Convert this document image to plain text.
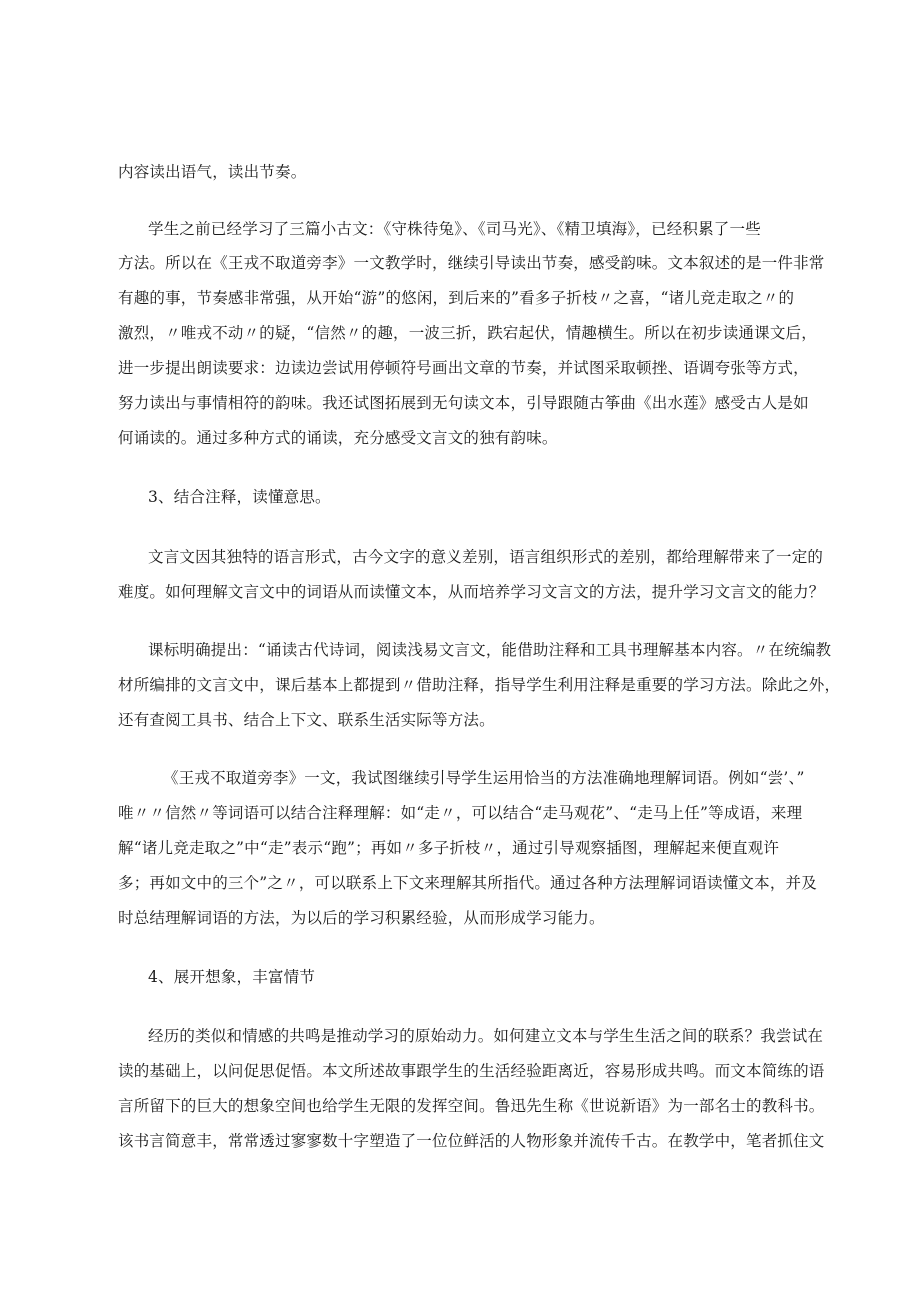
内容读出语气，读出节奏。
学生之前已经学习了三篇小古文：《守株待兔》、《司马光》、《精卫填海》，已经积累了一些
方法。所以在《王戎不取道旁李》一文教学时，继续引导读出节奏，感受韵味。文本叙述的是一件非常
有趣的事，节奏感非常强，从开始“游”的悠闲，到后来的”看多子折枝〃之喜，“诸儿竞走取之〃的
激烈，〃唯戎不动〃的疑，“信然〃的趣，一波三折，跌宕起伏，情趣横生。所以在初步读通课文后，
进一步提出朗读要求：边读边尝试用停顿符号画出文章的节奏，并试图采取顿挫、语调夸张等方式，
努力读出与事情相符的韵味。我还试图拓展到无句读文本，引导跟随古筝曲《出水莲》感受古人是如
何诵读的。通过多种方式的诵读，充分感受文言文的独有韵味。
3、结合注释，读懂意思。
文言文因其独特的语言形式，古今文字的意义差别，语言组织形式的差别，都给理解带来了一定的
难度。如何理解文言文中的词语从而读懂文本，从而培养学习文言文的方法，提升学习文言文的能力？
课标明确提出：“诵读古代诗词，阅读浅易文言文，能借助注释和工具书理解基本内容。〃在统编教
材所编排的文言文中，课后基本上都提到〃借助注释，指导学生利用注释是重要的学习方法。除此之外，
还有查阅工具书、结合上下文、联系生活实际等方法。
《王戎不取道旁李》一文，我试图继续引导学生运用恰当的方法准确地理解词语。例如“尝’、”
唯〃〃信然〃等词语可以结合注释理解：如“走〃，可以结合“走马观花”、“走马上任”等成语，来理
解“诸儿竞走取之”中“走”表示“跑”；再如〃多子折枝〃，通过引导观察插图，理解起来便直观许
多；再如文中的三个”之〃，可以联系上下文来理解其所指代。通过各种方法理解词语读懂文本，并及
时总结理解词语的方法，为以后的学习积累经验，从而形成学习能力。
4、展开想象，丰富情节
经历的类似和情感的共鸣是推动学习的原始动力。如何建立文本与学生生活之间的联系？我尝试在
读的基础上，以问促思促悟。本文所述故事跟学生的生活经验距离近，容易形成共鸣。而文本简练的语
言所留下的巨大的想象空间也给学生无限的发挥空间。鲁迅先生称《世说新语》为一部名士的教科书。
该书言简意丰，常常透过寥寥数十字塑造了一位位鲜活的人物形象并流传千古。在教学中，笔者抓住文
